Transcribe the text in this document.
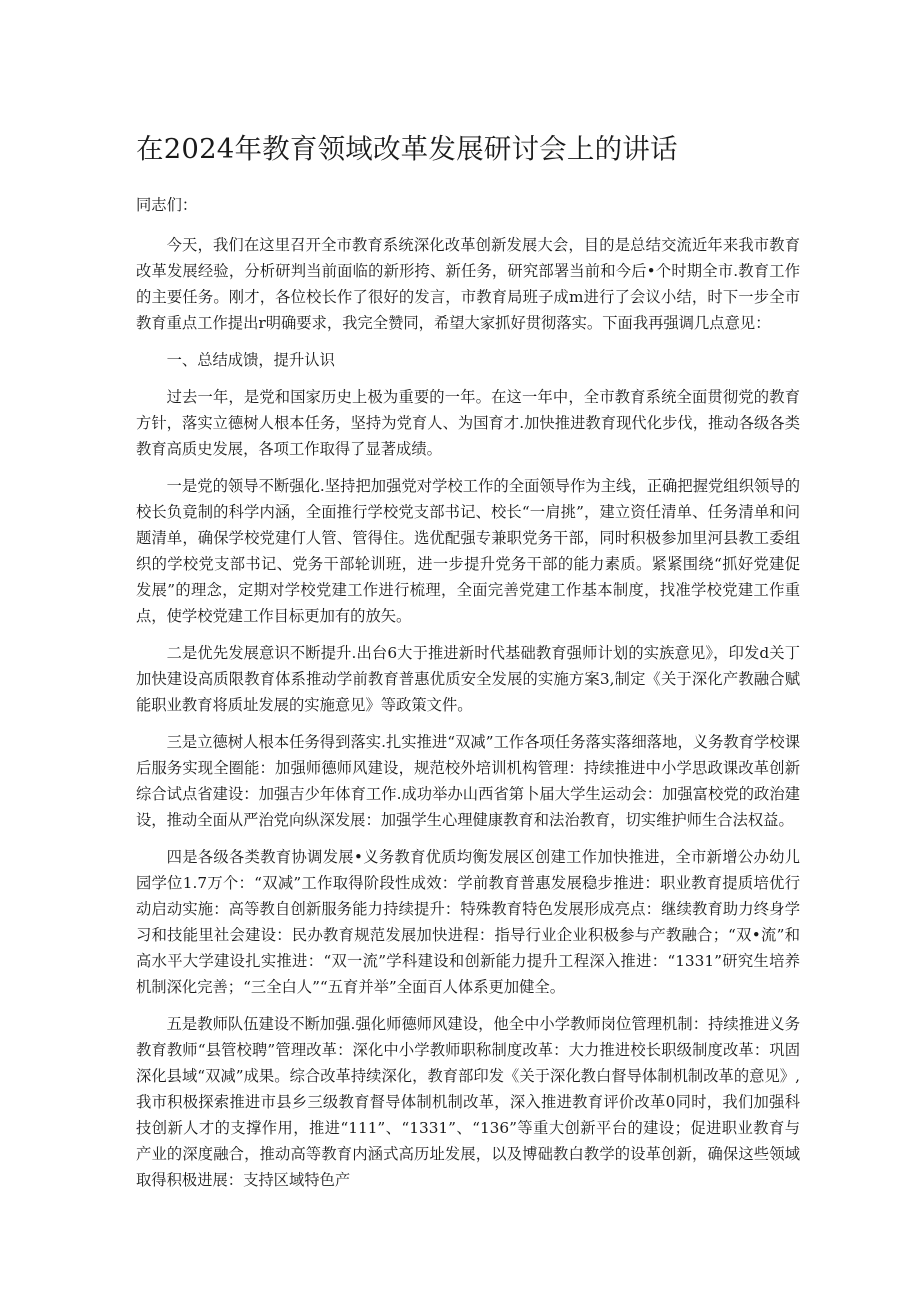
在2024年教育领域改革发展研讨会上的讲话

同志们：

今天，我们在这里召开全市教育系统深化改革创新发展大会，目的是总结交流近年来我市教育改革发展经验，分析研判当前面临的新形挎、新任务，研究部署当前和今后•个时期全市.教育工作的主要任务。刚才，各位校长作了很好的发言，市教育局班子成m进行了会议小结，时下一步全市教育重点工作提出r明确要求，我完全赞同，希望大家抓好贯彻落实。下面我再强调几点意见：

一、总结成馈，提升认识

过去一年，是党和国家历史上极为重要的一年。在这一年中，全市教育系统全面贯彻党的教育方针，落实立德树人根本任务，坚持为党育人、为国育才.加快推进教育现代化步伐，推动各级各类教育高质史发展，各项工作取得了显著成绩。

一是党的领导不断强化.坚持把加强党对学校工作的全面领导作为主线，正确把握党组织领导的校长负竟制的科学内涵，全面推行学校党支部书记、校长“一肩挑”，建立资任清单、任务清单和问题清单，确保学校党建仃人管、管得住。选优配强专兼职党务干部，同时积极参加里河县教工委组织的学校党支部书记、党务干部轮训班，进一步提升党务干部的能力素质。紧紧围绕“抓好党建促发展”的理念，定期对学校党建工作进行梳理，全面完善党建工作基本制度，找准学校党建工作重点，使学校党建工作目标更加有的放矢。

二是优先发展意识不断提升.出台6大于推进新时代基础教育强师计划的实族意见》，印发d关丁加快建设高质限教育体系推动学前教育普惠优质安全发展的实施方案3,制定《关于深化产教融合赋能职业教育将质址发展的实施意见》等政策文件。

三是立德树人根本任务得到落实.扎实推进“双减”工作各项任务落实落细落地，义务教育学校课后服务实现全圈能：加强师德师风建设，规范校外培训机构管理：持续推进中小学思政课改革创新综合试点省建设：加强吉少年体育工作.成功举办山西省第卜届大学生运动会：加强富校党的政治建设，推动全面从严治党向纵深发展：加强学生心理健康教育和法治教育，切实维护师生合法权益。

四是各级各类教育协调发展•义务教育优质均衡发展区创建工作加快推进，全市新增公办幼儿园学位1.7万个：“双减”工作取得阶段性成效：学前教育普惠发展稳步推进：职业教育提质培优行动启动实施：高等教自创新服务能力持续提升：特殊教育特色发展形成亮点：继续教育助力终身学习和技能里社会建设：民办教育规范发展加快进程：指导行业企业积极参与产教融合；“双•流”和高水平大学建设扎实推进：“双一流”学科建设和创新能力提升工程深入推进：“1331”研究生培养机制深化完善；“三全白人”“五育并举”全面百人体系更加健全。

五是教师队伍建设不断加强.强化师德师风建设，他全中小学教师岗位管理机制：持续推进义务教育教师“县管校聘”管理改革：深化中小学教师职称制度改革：大力推进校长职级制度改革：巩固深化县域“双减”成果。综合改革持续深化，教育部印发《关于深化教白督导体制机制改革的意见》,我市积极探索推进市县乡三级教育督导体制机制改革，深入推进教育评价改革0同时，我们加强科技创新人才的支撑作用，推进“111”、“1331”、“136”等重大创新平台的建设；促进职业教育与产业的深度融合，推动高等教育内涵式高历址发展，以及博础教白教学的设革创新，确保这些领域取得积极进展：支持区域特色产
